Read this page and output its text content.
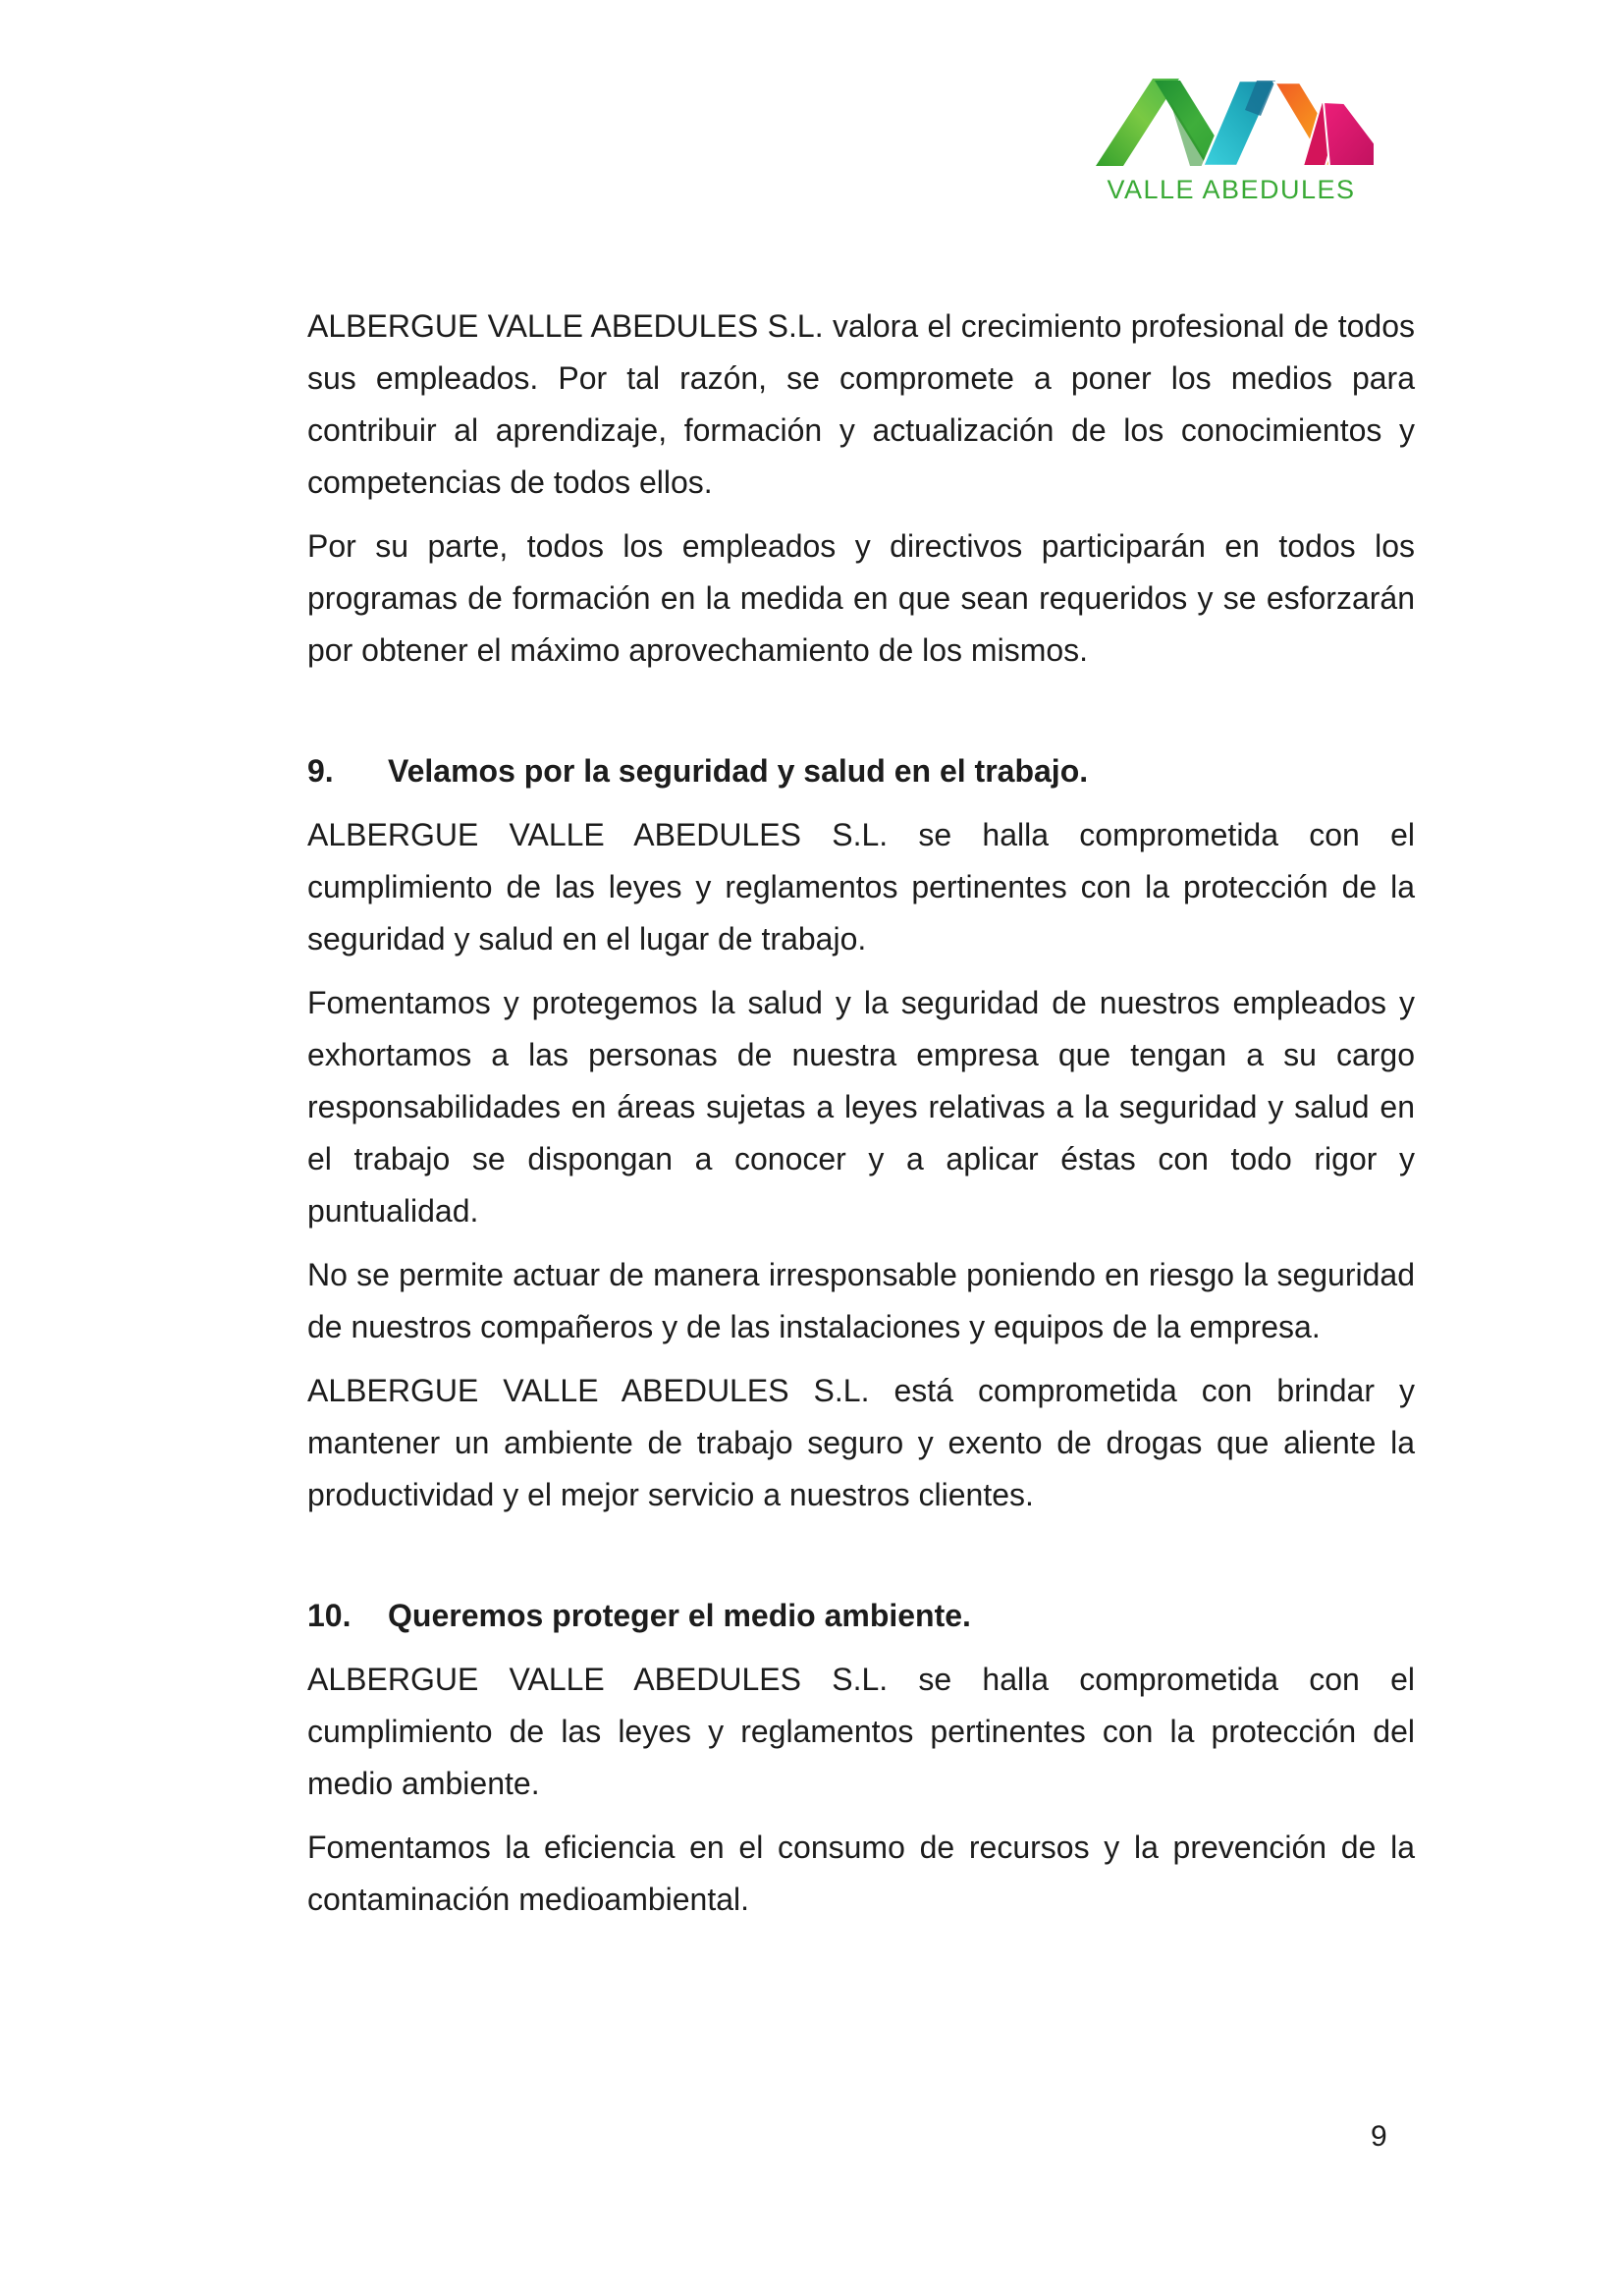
VALLE ABEDULES

ALBERGUE VALLE ABEDULES S.L. valora el crecimiento profesional de todos sus empleados. Por tal razón, se compromete a poner los medios para contribuir al aprendizaje, formación y actualización de los conocimientos y competencias de todos ellos.

Por su parte, todos los empleados y directivos participarán en todos los programas de formación en la medida en que sean requeridos y se esforzarán por obtener el máximo aprovechamiento de los mismos.

9. Velamos por la seguridad y salud en el trabajo.

ALBERGUE VALLE ABEDULES S.L. se halla comprometida con el cumplimiento de las leyes y reglamentos pertinentes con la protección de la seguridad y salud en el lugar de trabajo.

Fomentamos y protegemos la salud y la seguridad de nuestros empleados y exhortamos a las personas de nuestra empresa que tengan a su cargo responsabilidades en áreas sujetas a leyes relativas a la seguridad y salud en el trabajo se dispongan a conocer y a aplicar éstas con todo rigor y puntualidad.

No se permite actuar de manera irresponsable poniendo en riesgo la seguridad de nuestros compañeros y de las instalaciones y equipos de la empresa.

ALBERGUE VALLE ABEDULES S.L. está comprometida con brindar y mantener un ambiente de trabajo seguro y exento de drogas que aliente la productividad y el mejor servicio a nuestros clientes.

10. Queremos proteger el medio ambiente.

ALBERGUE VALLE ABEDULES S.L. se halla comprometida con el cumplimiento de las leyes y reglamentos pertinentes con la protección del medio ambiente.

Fomentamos la eficiencia en el consumo de recursos y la prevención de la contaminación medioambiental.

9
